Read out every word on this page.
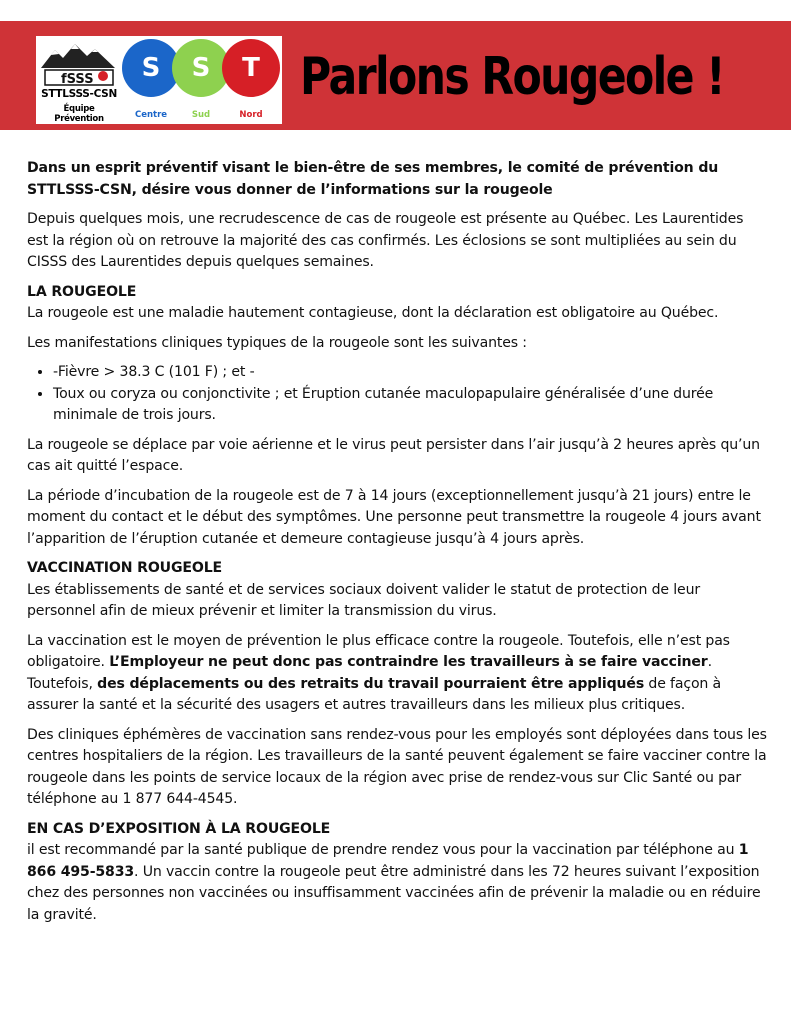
fSSS
STTLSSS-CSN
Équipe Prévention
S
Centre
S
Sud
T
Nord
Parlons Rougeole !

Dans un esprit préventif visant le bien-être de ses membres, le comité de prévention du STTLSSS-CSN, désire vous donner de l’informations sur la rougeole

Depuis quelques mois, une recrudescence de cas de rougeole est présente au Québec. Les Laurentides est la région où on retrouve la majorité des cas confirmés. Les éclosions se sont multipliées au sein du CISSS des Laurentides depuis quelques semaines.

LA ROUGEOLE

La rougeole est une maladie hautement contagieuse, dont la déclaration est obligatoire au Québec.

Les manifestations cliniques typiques de la rougeole sont les suivantes :

• -Fièvre > 38.3 C (101 F) ; et -
• Toux ou coryza ou conjonctivite ; et Éruption cutanée maculopapulaire généralisée d’une durée minimale de trois jours.

La rougeole se déplace par voie aérienne et le virus peut persister dans l’air jusqu’à 2 heures après qu’un cas ait quitté l’espace.

La période d’incubation de la rougeole est de 7 à 14 jours (exceptionnellement jusqu’à 21 jours) entre le moment du contact et le début des symptômes. Une personne peut transmettre la rougeole 4 jours avant l’apparition de l’éruption cutanée et demeure contagieuse jusqu’à 4 jours après.

VACCINATION ROUGEOLE

Les établissements de santé et de services sociaux doivent valider le statut de protection de leur personnel afin de mieux prévenir et limiter la transmission du virus.

La vaccination est le moyen de prévention le plus efficace contre la rougeole. Toutefois, elle n’est pas obligatoire. L’Employeur ne peut donc pas contraindre les travailleurs à se faire vacciner. Toutefois, des déplacements ou des retraits du travail pourraient être appliqués de façon à assurer la santé et la sécurité des usagers et autres travailleurs dans les milieux plus critiques.

Des cliniques éphémères de vaccination sans rendez-vous pour les employés sont déployées dans tous les centres hospitaliers de la région. Les travailleurs de la santé peuvent également se faire vacciner contre la rougeole dans les points de service locaux de la région avec prise de rendez-vous sur Clic Santé ou par téléphone au 1 877 644-4545.

EN CAS D’EXPOSITION À LA ROUGEOLE

il est recommandé par la santé publique de prendre rendez vous pour la vaccination par téléphone au 1 866 495-5833. Un vaccin contre la rougeole peut être administré dans les 72 heures suivant l’exposition chez des personnes non vaccinées ou insuffisamment vaccinées afin de prévenir la maladie ou en réduire la gravité.
